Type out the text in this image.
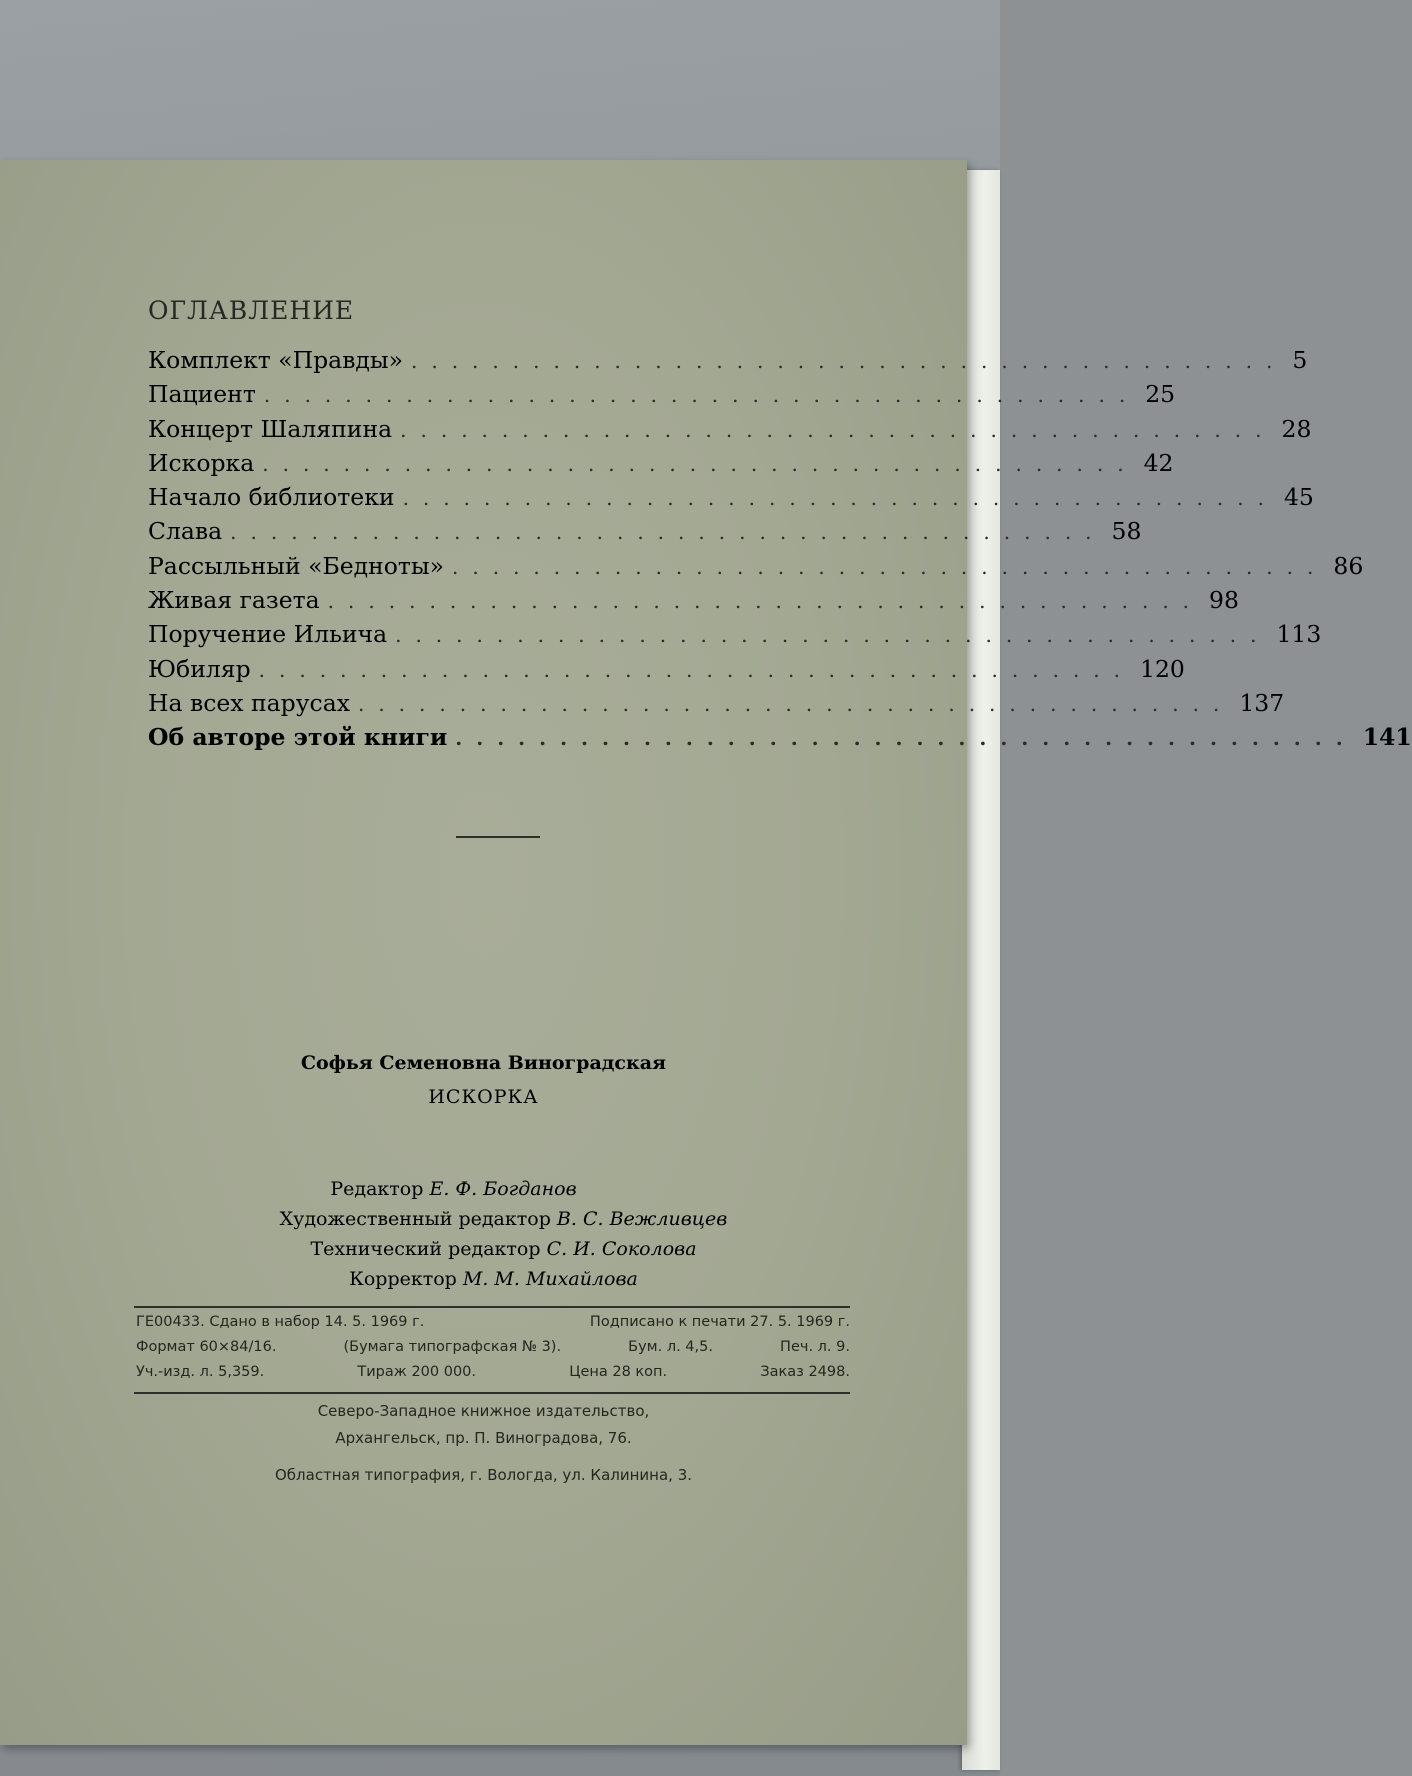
ОГЛАВЛЕНИЕ
Комплект «Правды» ........................................... 5
Пациент ........................................... 25
Концерт Шаляпина ........................................... 28
Искорка ........................................... 42
Начало библиотеки ........................................... 45
Слава ........................................... 58
Рассыльный «Бедноты» ........................................... 86
Живая газета ........................................... 98
Поручение Ильича ........................................... 113
Юбиляр ........................................... 120
На всех парусах ........................................... 137
Об авторе этой книги ........................................... 141
Софья Семеновна Виноградская
ИСКОРКА
Редактор Е. Ф. Богданов
Художественный редактор В. С. Вежливцев
Технический редактор С. И. Соколова
Корректор М. М. Михайлова
ГЕ00433. Сдано в набор 14. 5. 1969 г.	Подписано к печати 27. 5. 1969 г.
Формат 60×84/16.	(Бумага типографская № 3).	Бум. л. 4,5.	Печ. л. 9.
Уч.-изд. л. 5,359.	Тираж 200 000.	Цена 28 коп.	Заказ 2498.
Северо-Западное книжное издательство,
Архангельск, пр. П. Виноградова, 76.
Областная типография, г. Вологда, ул. Калинина, 3.
